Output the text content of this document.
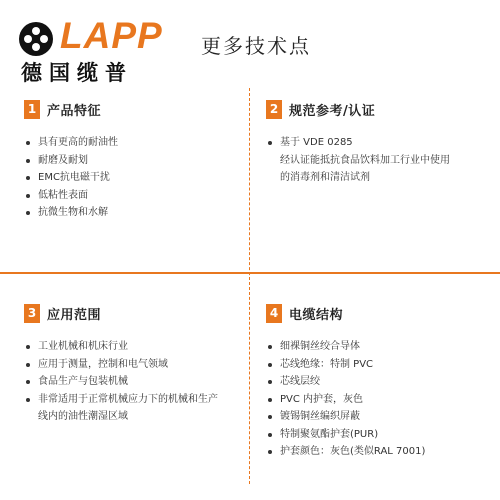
LAPP
德国缆普
更多技术点
1 产品特征
具有更高的耐油性
耐磨及耐划
EMC抗电磁干扰
低粘性表面
抗微生物和水解
2 规范参考/认证
基于 VDE 0285
经认证能抵抗食品饮料加工行业中使用
的消毒剂和清洁试剂
3 应用范围
工业机械和机床行业
应用于测量，控制和电气领域
食品生产与包装机械
非常适用于正常机械应力下的机械和生产
线内的油性潮湿区域
4 电缆结构
细裸铜丝绞合导体
芯线绝缘：特制 PVC
芯线层绞
PVC 内护套，灰色
镀锡铜丝编织屏蔽
特制聚氨酯护套(PUR)
护套颜色：灰色(类似RAL 7001)
